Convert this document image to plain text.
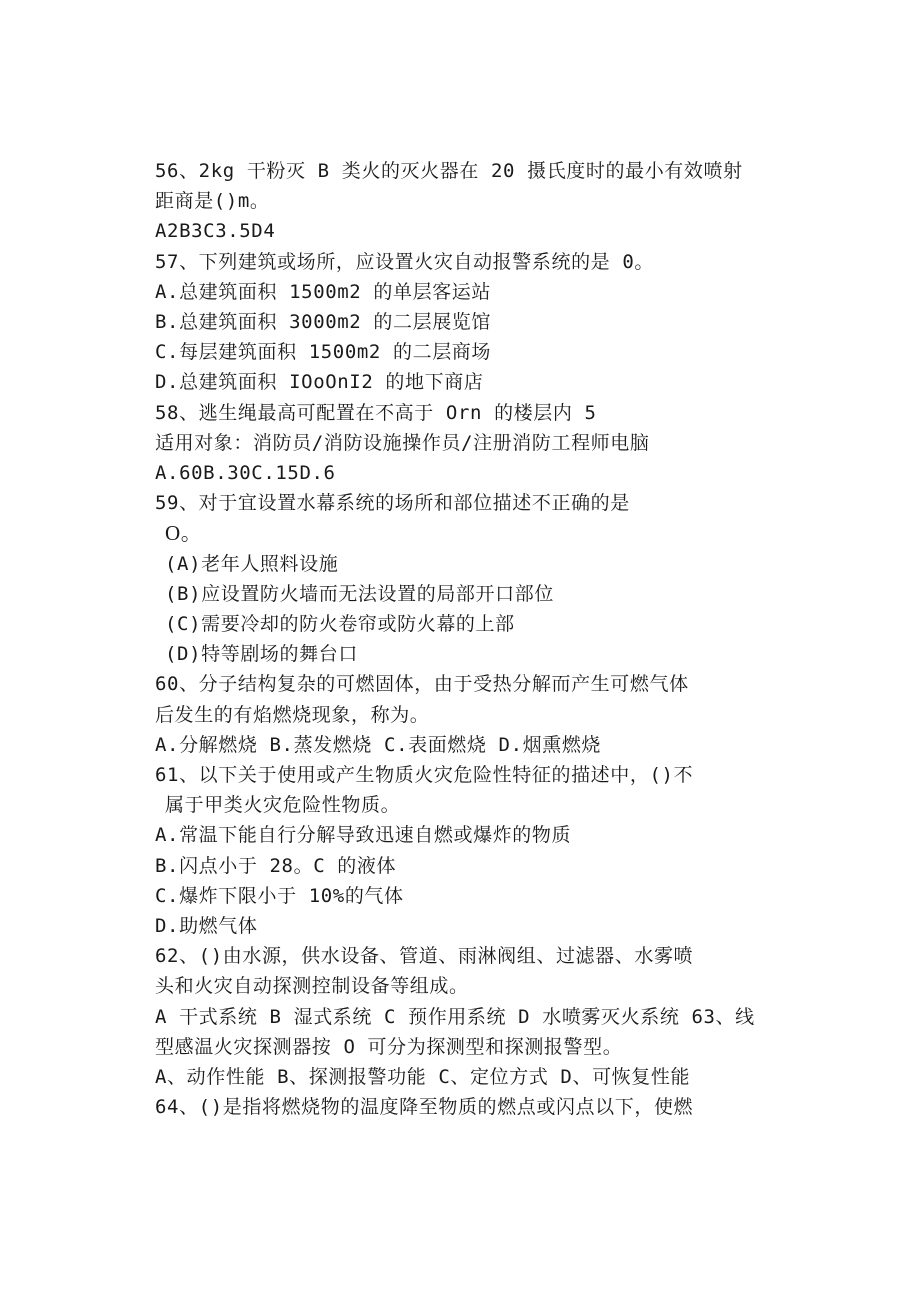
56、2kg 干粉灭 B 类火的灭火器在 20 摄氏度时的最小有效喷射
距商是()m。
A2B3C3.5D4
57、下列建筑或场所，应设置火灾自动报警系统的是 0。
A.总建筑面积 1500m2 的单层客运站
B.总建筑面积 3000m2 的二层展览馆
C.每层建筑面积 1500m2 的二层商场
D.总建筑面积 IOoOnI2 的地下商店
58、逃生绳最高可配置在不高于 Orn 的楼层内 5
适用对象：消防员/消防设施操作员/注册消防工程师电脑
A.60B.30C.15D.6
59、对于宜设置水幕系统的场所和部位描述不正确的是
O。
(A)老年人照料设施
(B)应设置防火墙而无法设置的局部开口部位
(C)需要冷却的防火卷帘或防火幕的上部
(D)特等剧场的舞台口
60、分子结构复杂的可燃固体，由于受热分解而产生可燃气体
后发生的有焰燃烧现象，称为。
A.分解燃烧 B.蒸发燃烧 C.表面燃烧 D.烟熏燃烧
61、以下关于使用或产生物质火灾危险性特征的描述中，()不
属于甲类火灾危险性物质。
A.常温下能自行分解导致迅速自燃或爆炸的物质
B.闪点小于 28。C 的液体
C.爆炸下限小于 10%的气体
D.助燃气体
62、()由水源，供水设备、管道、雨淋阀组、过滤器、水雾喷
头和火灾自动探测控制设备等组成。
A 干式系统 B 湿式系统 C 预作用系统 D 水喷雾灭火系统 63、线
型感温火灾探测器按 O 可分为探测型和探测报警型。
A、动作性能 B、探测报警功能 C、定位方式 D、可恢复性能
64、()是指将燃烧物的温度降至物质的燃点或闪点以下，使燃
